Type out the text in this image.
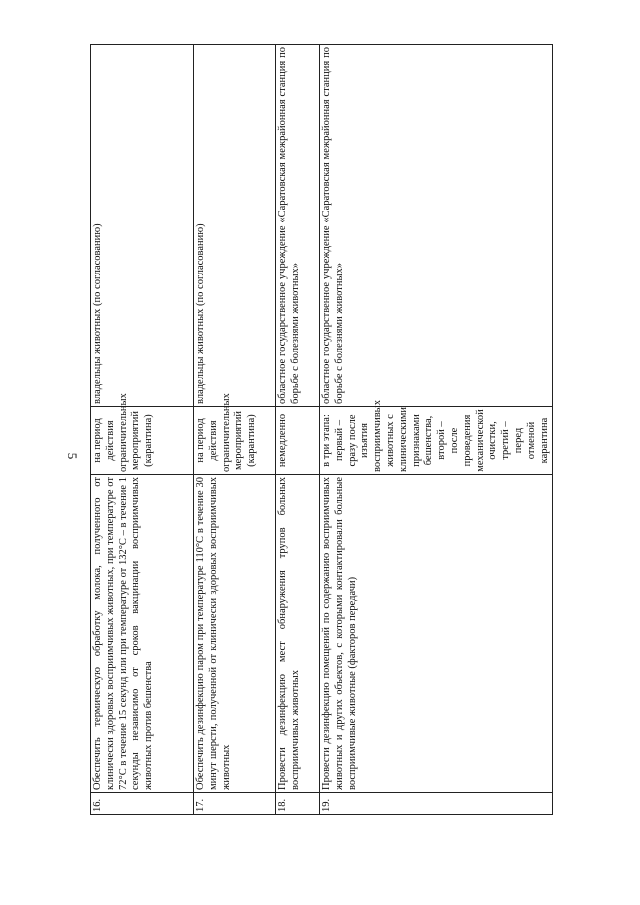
5
16.	Обеспечить термическую обработку молока, полученного от клинически здоровых восприимчивых животных, при температуре от 72°С в течение 15 секунд или при температуре от 132°С – в течение 1 секунды независимо от сроков вакцинации восприимчивых животных против бешенства	на период действия ограничительных мероприятий (карантина)	владельцы животных (по согласованию)
17.	Обеспечить дезинфекцию паром при температуре 110°С в течение 30 минут шерсти, полученной от клинически здоровых восприимчивых животных	на период действия ограничительных мероприятий (карантина)	владельцы животных (по согласованию)
18.	Провести дезинфекцию мест обнаружения трупов больных восприимчивых животных	немедленно	областное государственное учреждение «Саратовская межрайонная станция по борьбе с болезнями животных»
19.	Провести дезинфекцию помещений по содержанию восприимчивых животных и других объектов, с которыми контактировали больные восприимчивые животные (факторов передачи)	в три этапа: первый – сразу после изъятия восприимчивых животных с клиническими признаками бешенства, второй – после проведения механической очистки, третий – перед отменой карантина	областное государственное учреждение «Саратовская межрайонная станция по борьбе с болезнями животных»
